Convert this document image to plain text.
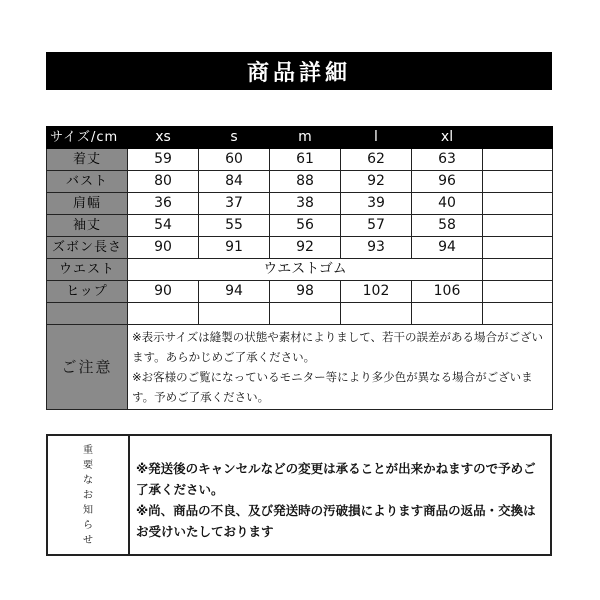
商品詳細
サイズ/cm	xs	s	m	l	xl	
着丈	59	60	61	62	63	
バスト	80	84	88	92	96	
肩幅	36	37	38	39	40	
袖丈	54	55	56	57	58	
ズボン長さ	90	91	92	93	94	
ウエスト	ウエストゴム					
ヒップ	90	94	98	102	106	

ご注意	※表示サイズは縫製の状態や素材によりまして、若干の誤差がある場合がございます。あらかじめご了承ください。
※お客様のご覧になっているモニター等により多少色が異なる場合がございます。予めご了承ください。					
重要なお知らせ
※発送後のキャンセルなどの変更は承ることが出来かねますので予めご了承ください。
※尚、商品の不良、及び発送時の汚破損によります商品の返品・交換はお受けいたしております
